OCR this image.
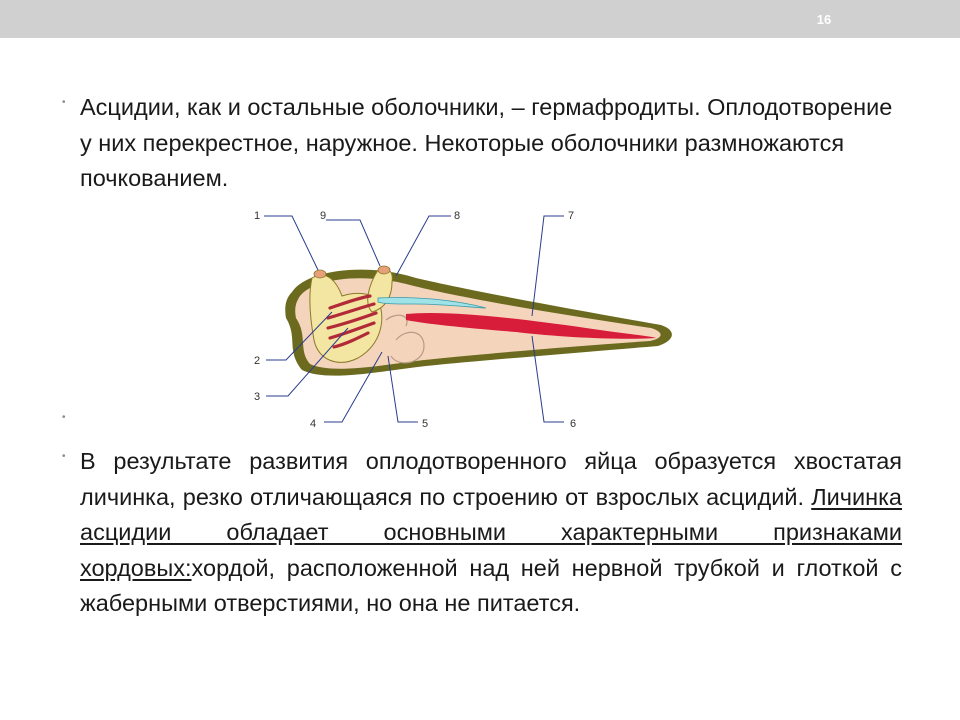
16
• Асцидии, как и остальные оболочники, – гермафродиты. Оплодотворение у них перекрестное, наружное. Некоторые оболочники размножаются почкованием.

1	9	8	7
2
3
4	5	6
•
• В результате развития оплодотворенного яйца образуется хвостатая личинка, резко отличающаяся по строению от взрослых асцидий. Личинка асцидии обладает основными характерными признаками хордовых:хордой, расположенной над ней нервной трубкой и глоткой с жаберными отверстиями, но она не питается.
